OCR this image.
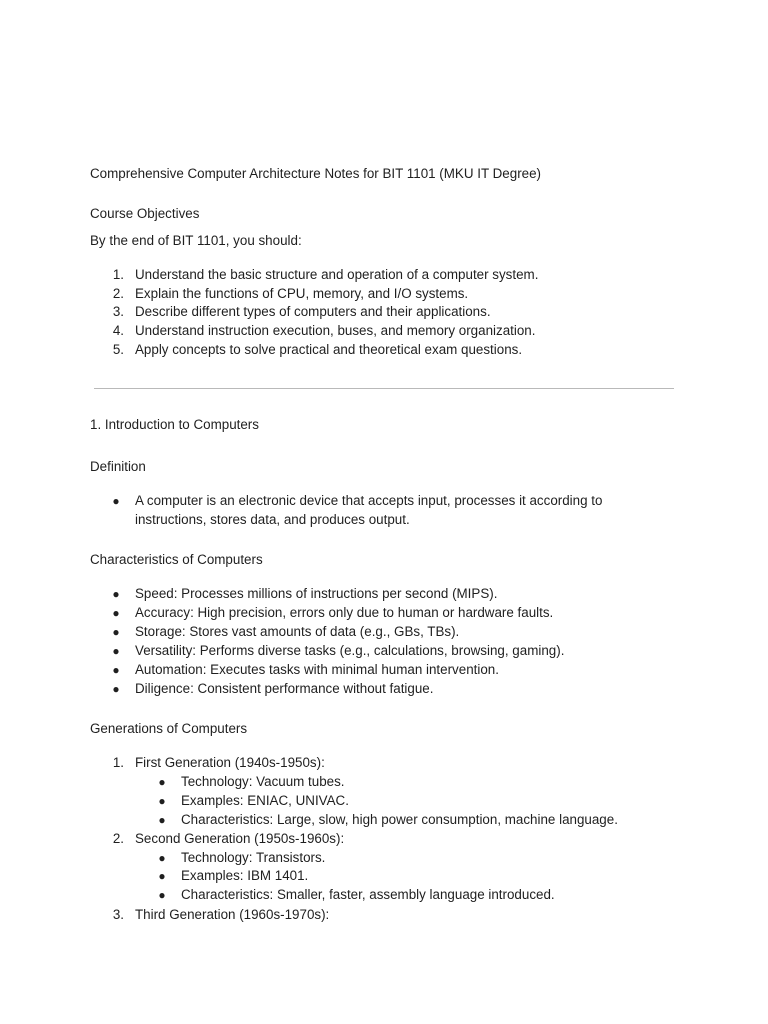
Comprehensive Computer Architecture Notes for BIT 1101 (MKU IT Degree)
Course Objectives
By the end of BIT 1101, you should:
1. Understand the basic structure and operation of a computer system.
2. Explain the functions of CPU, memory, and I/O systems.
3. Describe different types of computers and their applications.
4. Understand instruction execution, buses, and memory organization.
5. Apply concepts to solve practical and theoretical exam questions.
1. Introduction to Computers
Definition
●	A computer is an electronic device that accepts input, processes it according to
instructions, stores data, and produces output.
Characteristics of Computers
●	Speed: Processes millions of instructions per second (MIPS).
●	Accuracy: High precision, errors only due to human or hardware faults.
●	Storage: Stores vast amounts of data (e.g., GBs, TBs).
●	Versatility: Performs diverse tasks (e.g., calculations, browsing, gaming).
●	Automation: Executes tasks with minimal human intervention.
●	Diligence: Consistent performance without fatigue.
Generations of Computers
1. First Generation (1940s-1950s):
●	Technology: Vacuum tubes.
●	Examples: ENIAC, UNIVAC.
●	Characteristics: Large, slow, high power consumption, machine language.
2. Second Generation (1950s-1960s):
●	Technology: Transistors.
●	Examples: IBM 1401.
●	Characteristics: Smaller, faster, assembly language introduced.
3. Third Generation (1960s-1970s):
